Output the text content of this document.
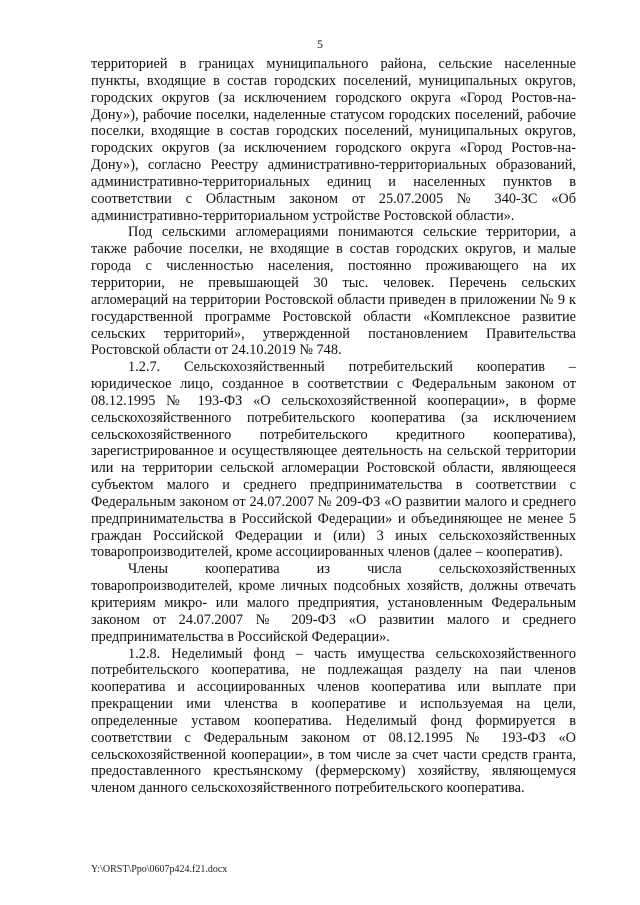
5

территорией в границах муниципального района, сельские населенные пункты, входящие в состав городских поселений, муниципальных округов, городских округов (за исключением городского округа «Город Ростов-на-Дону»), рабочие поселки, наделенные статусом городских поселений, рабочие поселки, входящие в состав городских поселений, муниципальных округов, городских округов (за исключением городского округа «Город Ростов-на-Дону»), согласно Реестру административно-территориальных образований, административно-территориальных единиц и населенных пунктов в соответствии с Областным законом от 25.07.2005 № 340-ЗС «Об административно-территориальном устройстве Ростовской области».

Под сельскими агломерациями понимаются сельские территории, а также рабочие поселки, не входящие в состав городских округов, и малые города с численностью населения, постоянно проживающего на их территории, не превышающей 30 тыс. человек. Перечень сельских агломераций на территории Ростовской области приведен в приложении № 9 к государственной программе Ростовской области «Комплексное развитие сельских территорий», утвержденной постановлением Правительства Ростовской области от 24.10.2019 № 748.

1.2.7. Сельскохозяйственный потребительский кооператив – юридическое лицо, созданное в соответствии с Федеральным законом от 08.12.1995 № 193-ФЗ «О сельскохозяйственной кооперации», в форме сельскохозяйственного потребительского кооператива (за исключением сельскохозяйственного потребительского кредитного кооператива), зарегистрированное и осуществляющее деятельность на сельской территории или на территории сельской агломерации Ростовской области, являющееся субъектом малого и среднего предпринимательства в соответствии с Федеральным законом от 24.07.2007 № 209-ФЗ «О развитии малого и среднего предпринимательства в Российской Федерации» и объединяющее не менее 5 граждан Российской Федерации и (или) 3 иных сельскохозяйственных товаропроизводителей, кроме ассоциированных членов (далее – кооператив).

Члены кооператива из числа сельскохозяйственных товаропроизводителей, кроме личных подсобных хозяйств, должны отвечать критериям микро- или малого предприятия, установленным Федеральным законом от 24.07.2007 № 209-ФЗ «О развитии малого и среднего предпринимательства в Российской Федерации».

1.2.8. Неделимый фонд – часть имущества сельскохозяйственного потребительского кооператива, не подлежащая разделу на паи членов кооператива и ассоциированных членов кооператива или выплате при прекращении ими членства в кооперативе и используемая на цели, определенные уставом кооператива. Неделимый фонд формируется в соответствии с Федеральным законом от 08.12.1995 № 193-ФЗ «О сельскохозяйственной кооперации», в том числе за счет части средств гранта, предоставленного крестьянскому (фермерскому) хозяйству, являющемуся членом данного сельскохозяйственного потребительского кооператива.

Y:\ORST\Ppo\0607p424.f21.docx
